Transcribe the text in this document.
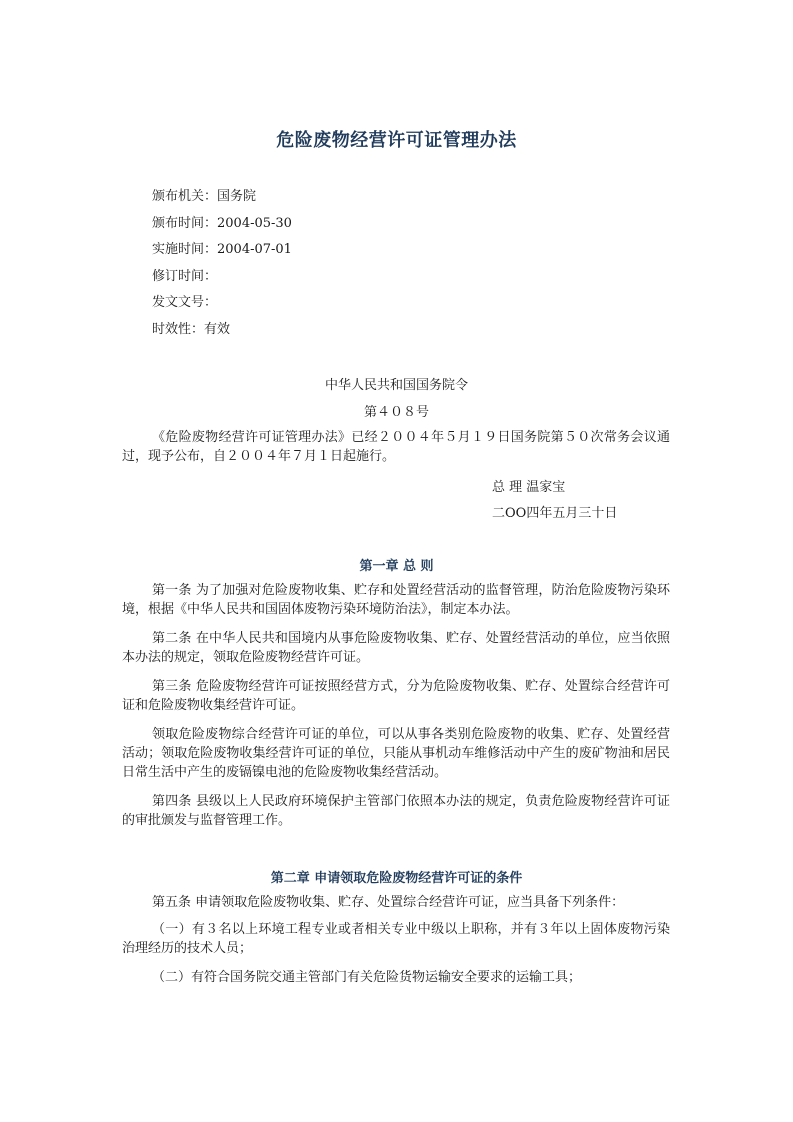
危险废物经营许可证管理办法
颁布机关：国务院
颁布时间：2004-05-30
实施时间：2004-07-01
修订时间：
发文文号：
时效性：有效
中华人民共和国国务院令
第４０８号
《危险废物经营许可证管理办法》已经２００４年５月１９日国务院第５０次常务会议通过，现予公布，自２００４年７月１日起施行。
总 理 温家宝
二OO四年五月三十日
第一章 总 则
第一条 为了加强对危险废物收集、贮存和处置经营活动的监督管理，防治危险废物污染环境，根据《中华人民共和国固体废物污染环境防治法》，制定本办法。
第二条 在中华人民共和国境内从事危险废物收集、贮存、处置经营活动的单位，应当依照本办法的规定，领取危险废物经营许可证。
第三条 危险废物经营许可证按照经营方式，分为危险废物收集、贮存、处置综合经营许可证和危险废物收集经营许可证。
领取危险废物综合经营许可证的单位，可以从事各类别危险废物的收集、贮存、处置经营活动；领取危险废物收集经营许可证的单位，只能从事机动车维修活动中产生的废矿物油和居民日常生活中产生的废镉镍电池的危险废物收集经营活动。
第四条 县级以上人民政府环境保护主管部门依照本办法的规定，负责危险废物经营许可证的审批颁发与监督管理工作。
第二章 申请领取危险废物经营许可证的条件
第五条 申请领取危险废物收集、贮存、处置综合经营许可证，应当具备下列条件：
（一）有３名以上环境工程专业或者相关专业中级以上职称，并有３年以上固体废物污染治理经历的技术人员；
（二）有符合国务院交通主管部门有关危险货物运输安全要求的运输工具；
